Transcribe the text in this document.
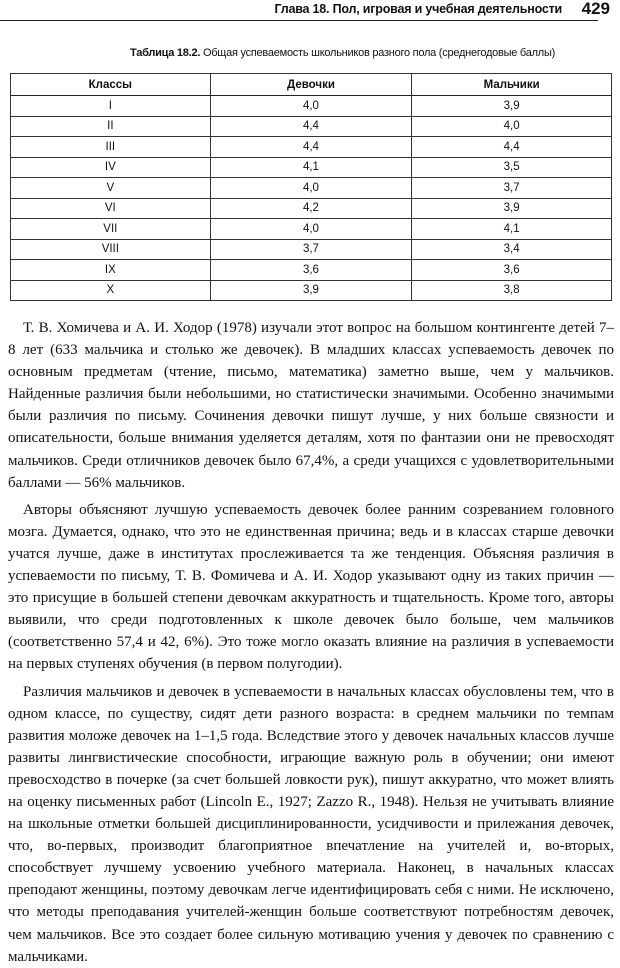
Глава 18. Пол, игровая и учебная деятельности 429
Таблица 18.2. Общая успеваемость школьников разного пола (среднегодовые баллы)
Классы	Девочки	Мальчики
I	4,0	3,9
II	4,4	4,0
III	4,4	4,4
IV	4,1	3,5
V	4,0	3,7
VI	4,2	3,9
VII	4,0	4,1
VIII	3,7	3,4
IX	3,6	3,6
X	3,9	3,8

Т. В. Хомичева и А. И. Ходор (1978) изучали этот вопрос на большом контингенте детей 7–8 лет (633 мальчика и столько же девочек). В младших классах успеваемость девочек по основным предметам (чтение, письмо, математика) заметно выше, чем у мальчиков. Найденные различия были небольшими, но статистически значимыми. Особенно значимыми были различия по письму. Сочинения девочки пишут лучше, у них больше связности и описательности, больше внимания уделяется деталям, хотя по фантазии они не превосходят мальчиков. Среди отличников девочек было 67,4%, а среди учащихся с удовлетворительными баллами — 56% мальчиков.

Авторы объясняют лучшую успеваемость девочек более ранним созреванием головного мозга. Думается, однако, что это не единственная причина; ведь и в классах старше девочки учатся лучше, даже в институтах прослеживается та же тенденция. Объясняя различия в успеваемости по письму, Т. В. Фомичева и А. И. Ходор указывают одну из таких причин — это присущие в большей степени девочкам аккуратность и тщательность. Кроме того, авторы выявили, что среди подготовленных к школе девочек было больше, чем мальчиков (соответственно 57,4 и 42, 6%). Это тоже могло оказать влияние на различия в успеваемости на первых ступенях обучения (в первом полугодии).

Различия мальчиков и девочек в успеваемости в начальных классах обусловлены тем, что в одном классе, по существу, сидят дети разного возраста: в среднем мальчики по темпам развития моложе девочек на 1–1,5 года. Вследствие этого у девочек начальных классов лучше развиты лингвистические способности, играющие важную роль в обучении; они имеют превосходство в почерке (за счет большей ловкости рук), пишут аккуратно, что может влиять на оценку письменных работ (Lincoln E., 1927; Zazzo R., 1948). Нельзя не учитывать влияние на школьные отметки большей дисциплинированности, усидчивости и прилежания девочек, что, во-первых, производит благоприятное впечатление на учителей и, во-вторых, способствует лучшему усвоению учебного материала. Наконец, в начальных классах преподают женщины, поэтому девочкам легче идентифицировать себя с ними. Не исключено, что методы преподавания учителей-женщин больше соответствуют потребностям девочек, чем мальчиков. Все это создает более сильную мотивацию учения у девочек по сравнению с мальчиками.
